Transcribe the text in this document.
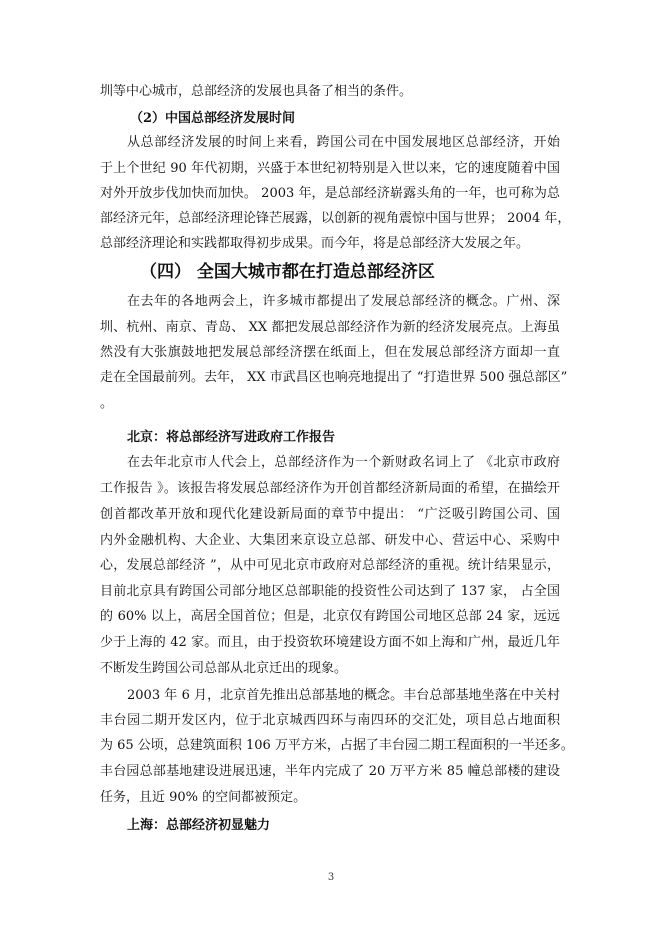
圳等中心城市，总部经济的发展也具备了相当的条件。
（2）中国总部经济发展时间
从总部经济发展的时间上来看，跨国公司在中国发展地区总部经济，开始
于上个世纪 90 年代初期，兴盛于本世纪初特别是入世以来，它的速度随着中国
对外开放步伐加快而加快。 2003 年，是总部经济崭露头角的一年，也可称为总
部经济元年，总部经济理论锋芒展露，以创新的视角震惊中国与世界； 2004 年，
总部经济理论和实践都取得初步成果。而今年，将是总部经济大发展之年。
（四） 全国大城市都在打造总部经济区
在去年的各地两会上，许多城市都提出了发展总部经济的概念。广州、深
圳、杭州、南京、青岛、 XX 都把发展总部经济作为新的经济发展亮点。上海虽
然没有大张旗鼓地把发展总部经济摆在纸面上，但在发展总部经济方面却一直
走在全国最前列。去年， XX 市武昌区也响亮地提出了 “打造世界 500 强总部区”
。
北京：将总部经济写进政府工作报告
在去年北京市人代会上，总部经济作为一个新财政名词上了 《北京市政府
工作报告 》。该报告将发展总部经济作为开创首都经济新局面的希望，在描绘开
创首都改革开放和现代化建设新局面的章节中提出： “广泛吸引跨国公司、国
内外金融机构、大企业、大集团来京设立总部、研发中心、营运中心、采购中
心，发展总部经济 ”，从中可见北京市政府对总部经济的重视。统计结果显示，
目前北京具有跨国公司部分地区总部职能的投资性公司达到了 137 家， 占全国
的 60% 以上，高居全国首位；但是，北京仅有跨国公司地区总部 24 家，远远
少于上海的 42 家。而且，由于投资软环境建设方面不如上海和广州，最近几年
不断发生跨国公司总部从北京迁出的现象。
2003 年 6 月，北京首先推出总部基地的概念。丰台总部基地坐落在中关村
丰台园二期开发区内，位于北京城西四环与南四环的交汇处，项目总占地面积
为 65 公顷，总建筑面积 106 万平方米，占据了丰台园二期工程面积的一半还多。
丰台园总部基地建设进展迅速，半年内完成了 20 万平方米 85 幢总部楼的建设
任务，且近 90% 的空间都被预定。
上海：总部经济初显魅力
3
